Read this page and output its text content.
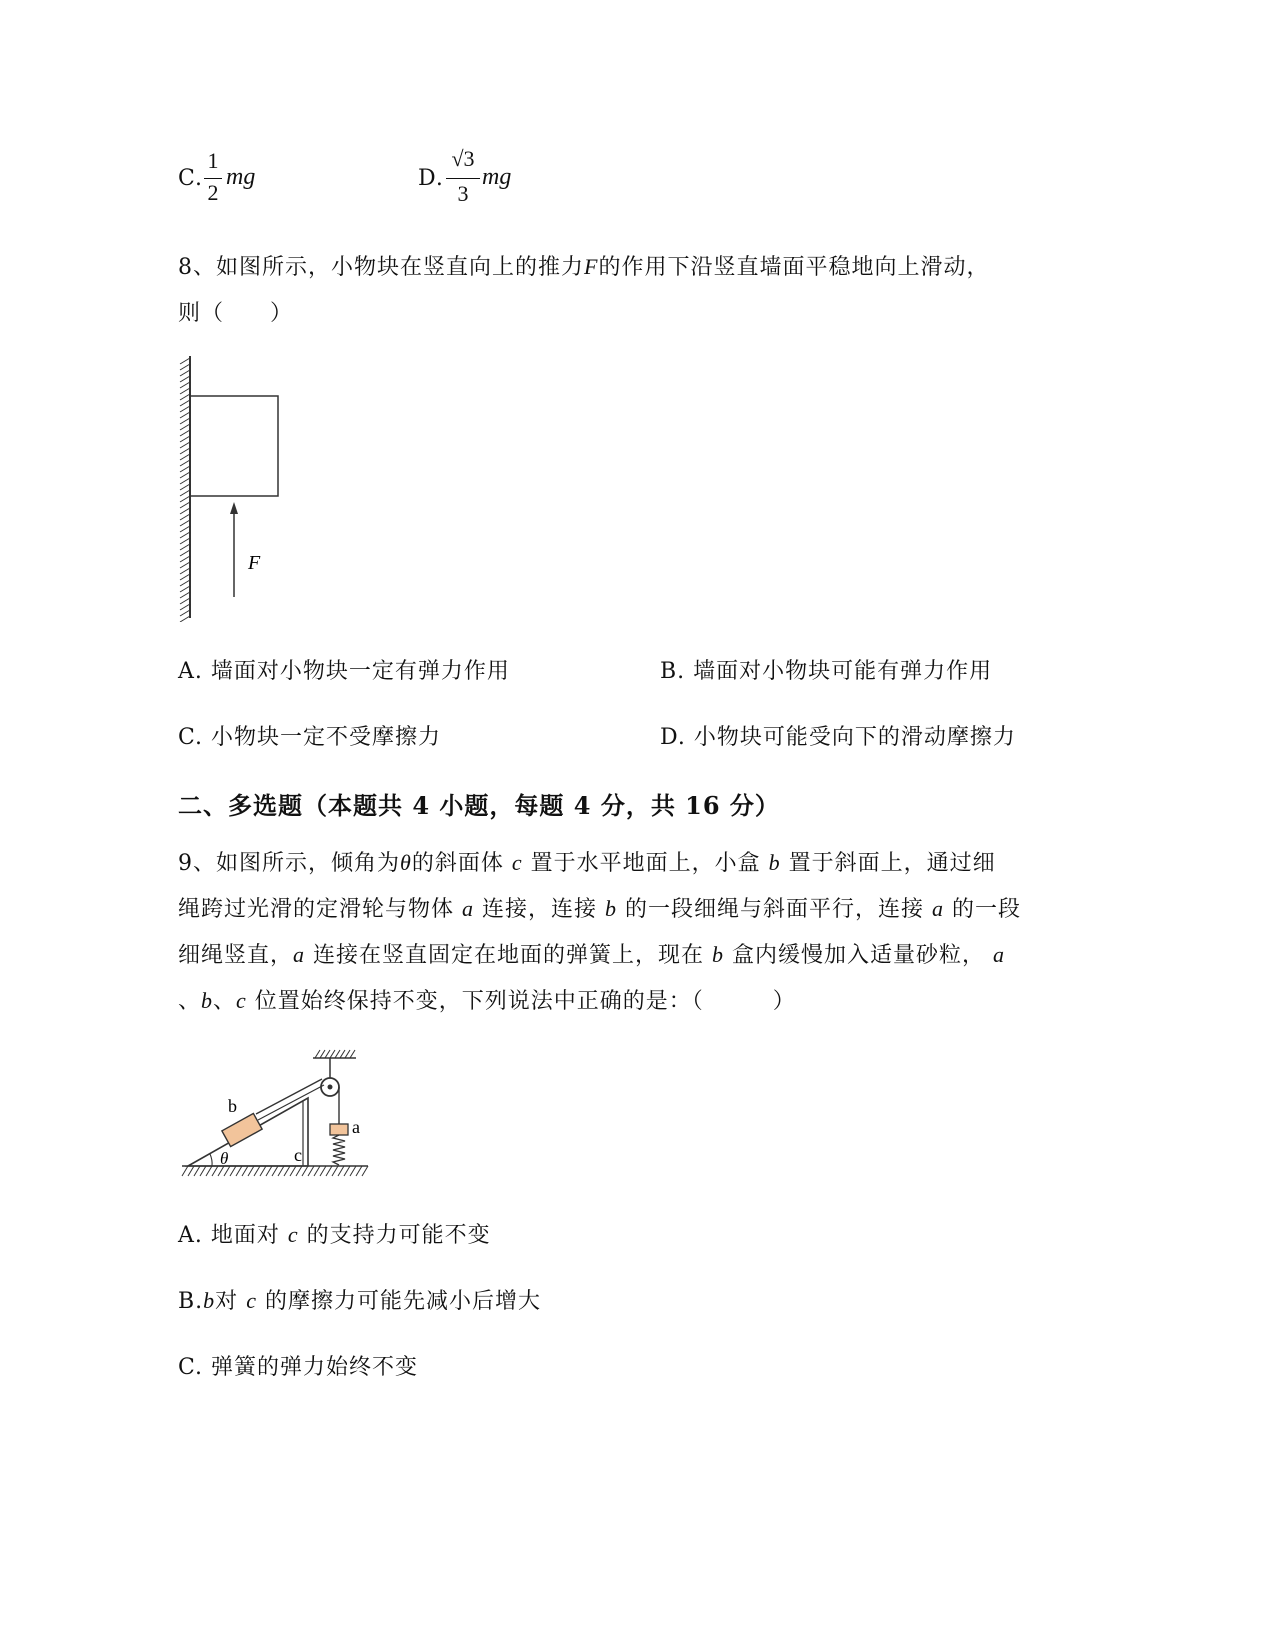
C.
1
2
mg	D.
√3
3
mg
8、如图所示，小物块在竖直向上的推力F的作用下沿竖直墙面平稳地向上滑动，
则（　　）
F
A. 墙面对小物块一定有弹力作用	B. 墙面对小物块可能有弹力作用
C. 小物块一定不受摩擦力	D. 小物块可能受向下的滑动摩擦力
二、多选题（本题共 4 小题，每题 4 分，共 16 分）
9、如图所示，倾角为θ的斜面体 c 置于水平地面上，小盒 b 置于斜面上，通过细
绳跨过光滑的定滑轮与物体 a 连接，连接 b 的一段细绳与斜面平行，连接 a 的一段
细绳竖直，a 连接在竖直固定在地面的弹簧上，现在 b 盒内缓慢加入适量砂粒， a
、b、c 位置始终保持不变，下列说法中正确的是：（　　　）
b
a
c
θ
A. 地面对 c 的支持力可能不变
B.b对 c 的摩擦力可能先减小后增大
C. 弹簧的弹力始终不变
